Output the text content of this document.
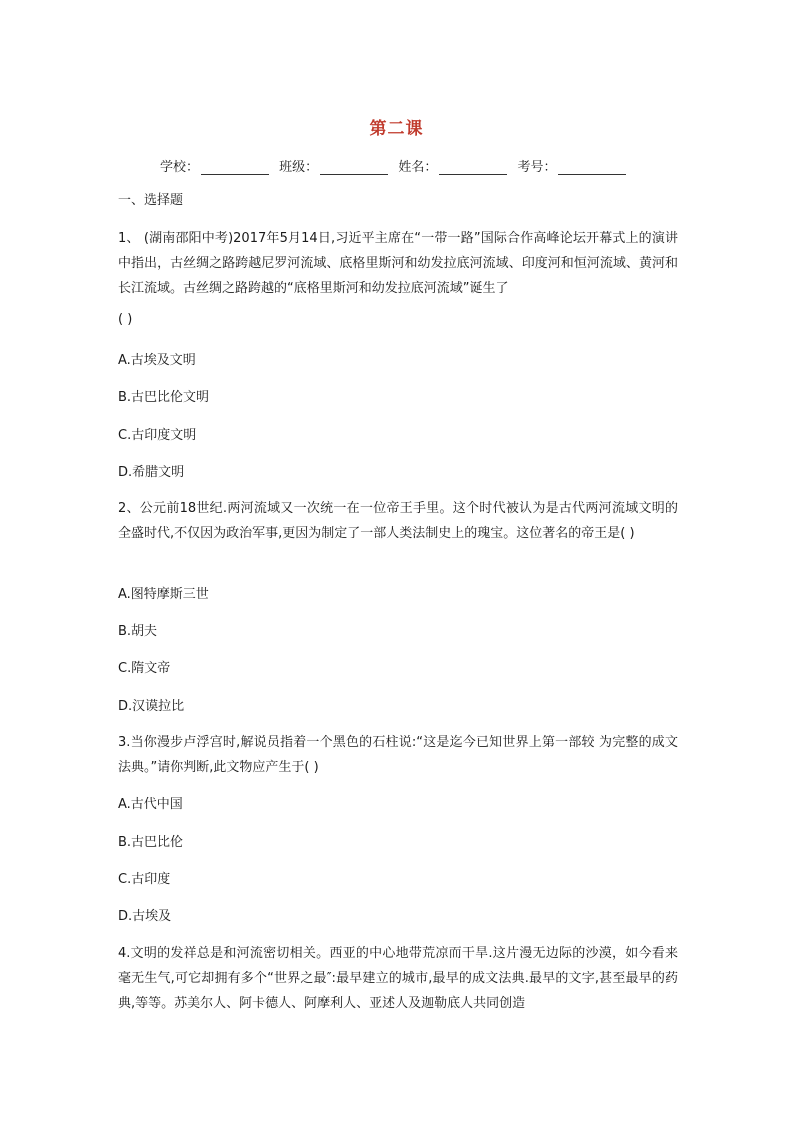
第二课
学校：	班级：	姓名：	考号：
一、选择题
1、 (湖南邵阳中考)2017年5月14日,习近平主席在“一带一路”国际合作高峰论坛开幕式上的演讲中指出，古丝绸之路跨越尼罗河流域、底格里斯河和幼发拉底河流域、印度河和恒河流域、黄河和长江流域。古丝绸之路跨越的“底格里斯河和幼发拉底河流域”诞生了
( )
A.古埃及文明
B.古巴比伦文明
C.古印度文明
D.希腊文明
2、公元前18世纪.两河流域又一次统一在一位帝王手里。这个时代被认为是古代两河流域文明的全盛时代,不仅因为政治军事,更因为制定了一部人类法制史上的瑰宝。这位著名的帝王是( )
A.图特摩斯三世
B.胡夫
C.隋文帝
D.汉谟拉比
3.当你漫步卢浮宫时,解说员指着一个黑色的石柱说:“这是迄今已知世界上第一部较 为完整的成文法典。”请你判断,此文物应产生于( )
A.古代中国
B.古巴比伦
C.古印度
D.古埃及
4.文明的发祥总是和河流密切相关。西亚的中心地带荒凉而干旱.这片漫无边际的沙漠，如今看来毫无生气,可它却拥有多个“世界之最″:最早建立的城市,最早的成文法典.最早的文字,甚至最早的药典,等等。苏美尔人、阿卡德人、阿摩利人、亚述人及迦勒底人共同创造
